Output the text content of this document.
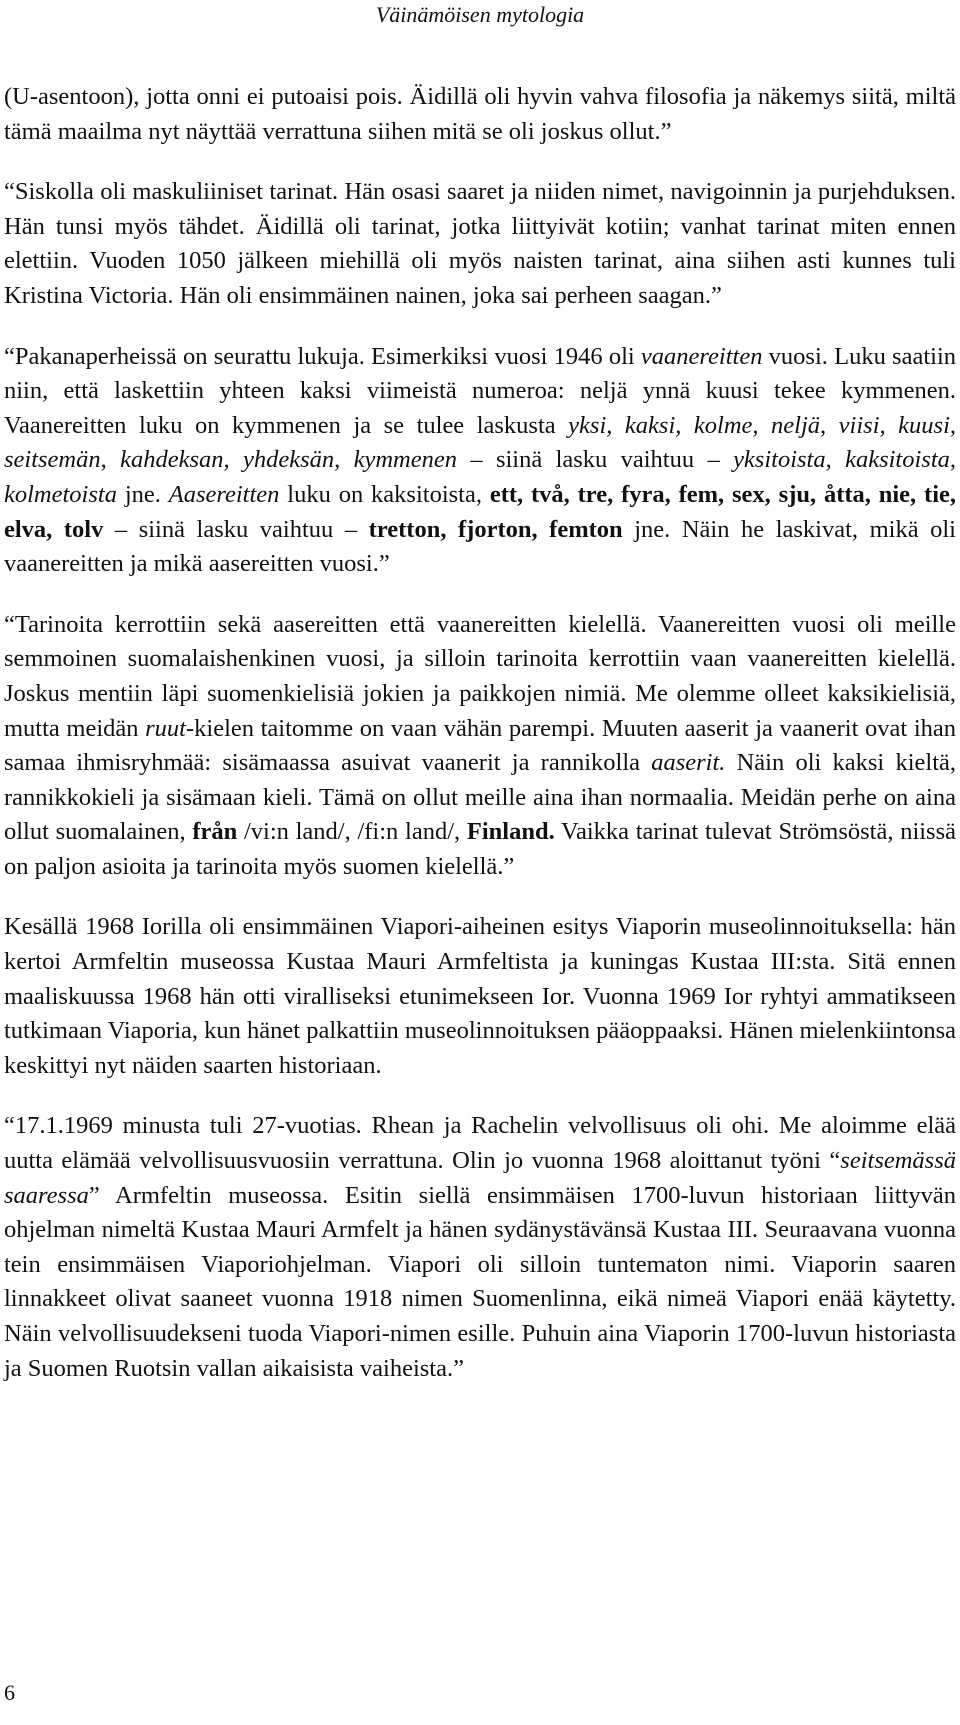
Väinämöisen mytologia

(U-asentoon), jotta onni ei putoaisi pois. Äidillä oli hyvin vahva filosofia ja näkemys siitä, miltä tämä maailma nyt näyttää verrattuna siihen mitä se oli joskus ollut.”

“Siskolla oli maskuliiniset tarinat. Hän osasi saaret ja niiden nimet, navigoinnin ja purjehduksen. Hän tunsi myös tähdet. Äidillä oli tarinat, jotka liittyivät kotiin; vanhat tarinat miten ennen elettiin. Vuoden 1050 jälkeen miehillä oli myös naisten tarinat, aina siihen asti kunnes tuli Kristina Victoria. Hän oli ensimmäinen nainen, joka sai perheen saagan.”

“Pakanaperheissä on seurattu lukuja. Esimerkiksi vuosi 1946 oli vaanereitten vuosi. Luku saatiin niin, että laskettiin yhteen kaksi viimeistä numeroa: neljä ynnä kuusi tekee kymmenen. Vaanereitten luku on kymmenen ja se tulee laskusta yksi, kaksi, kolme, neljä, viisi, kuusi, seitsemän, kahdeksan, yhdeksän, kymmenen – siinä lasku vaihtuu – yksitoista, kaksitoista, kolmetoista jne. Aasereitten luku on kaksitoista, ett, två, tre, fyra, fem, sex, sju, åtta, nie, tie, elva, tolv – siinä lasku vaihtuu – tretton, fjorton, femton jne. Näin he laskivat, mikä oli vaanereitten ja mikä aasereitten vuosi.”

“Tarinoita kerrottiin sekä aasereitten että vaanereitten kielellä. Vaanereitten vuosi oli meille semmoinen suomalaishenkinen vuosi, ja silloin tarinoita kerrottiin vaan vaanereitten kielellä. Joskus mentiin läpi suomenkielisiä jokien ja paikkojen nimiä. Me olemme olleet kaksikielisiä, mutta meidän ruut-kielen taitomme on vaan vähän parempi. Muuten aaserit ja vaanerit ovat ihan samaa ihmisryhmää: sisämaassa asuivat vaanerit ja rannikolla aaserit. Näin oli kaksi kieltä, rannikkokieli ja sisämaan kieli. Tämä on ollut meille aina ihan normaalia. Meidän perhe on aina ollut suomalainen, från /vi:n land/, /fi:n land/, Finland. Vaikka tarinat tulevat Strömsöstä, niissä on paljon asioita ja tarinoita myös suomen kielellä.”

Kesällä 1968 Iorilla oli ensimmäinen Viapori-aiheinen esitys Viaporin museolinnoituksella: hän kertoi Armfeltin museossa Kustaa Mauri Armfeltista ja kuningas Kustaa III:sta. Sitä ennen maaliskuussa 1968 hän otti viralliseksi etunimekseen Ior. Vuonna 1969 Ior ryhtyi ammatikseen tutkimaan Viaporia, kun hänet palkattiin museolinnoituksen pääoppaaksi. Hänen mielenkiintonsa keskittyi nyt näiden saarten historiaan.

“17.1.1969 minusta tuli 27-vuotias. Rhean ja Rachelin velvollisuus oli ohi. Me aloimme elää uutta elämää velvollisuusvuosiin verrattuna. Olin jo vuonna 1968 aloittanut työni “seitsemässä saaressa” Armfeltin museossa. Esitin siellä ensimmäisen 1700-luvun historiaan liittyvän ohjelman nimeltä Kustaa Mauri Armfelt ja hänen sydänystävänsä Kustaa III. Seuraavana vuonna tein ensimmäisen Viaporiohjelman. Viapori oli silloin tuntematon nimi. Viaporin saaren linnakkeet olivat saaneet vuonna 1918 nimen Suomenlinna, eikä nimeä Viapori enää käytetty. Näin velvollisuudekseni tuoda Viapori-nimen esille. Puhuin aina Viaporin 1700-luvun historiasta ja Suomen Ruotsin vallan aikaisista vaiheista.”

6
